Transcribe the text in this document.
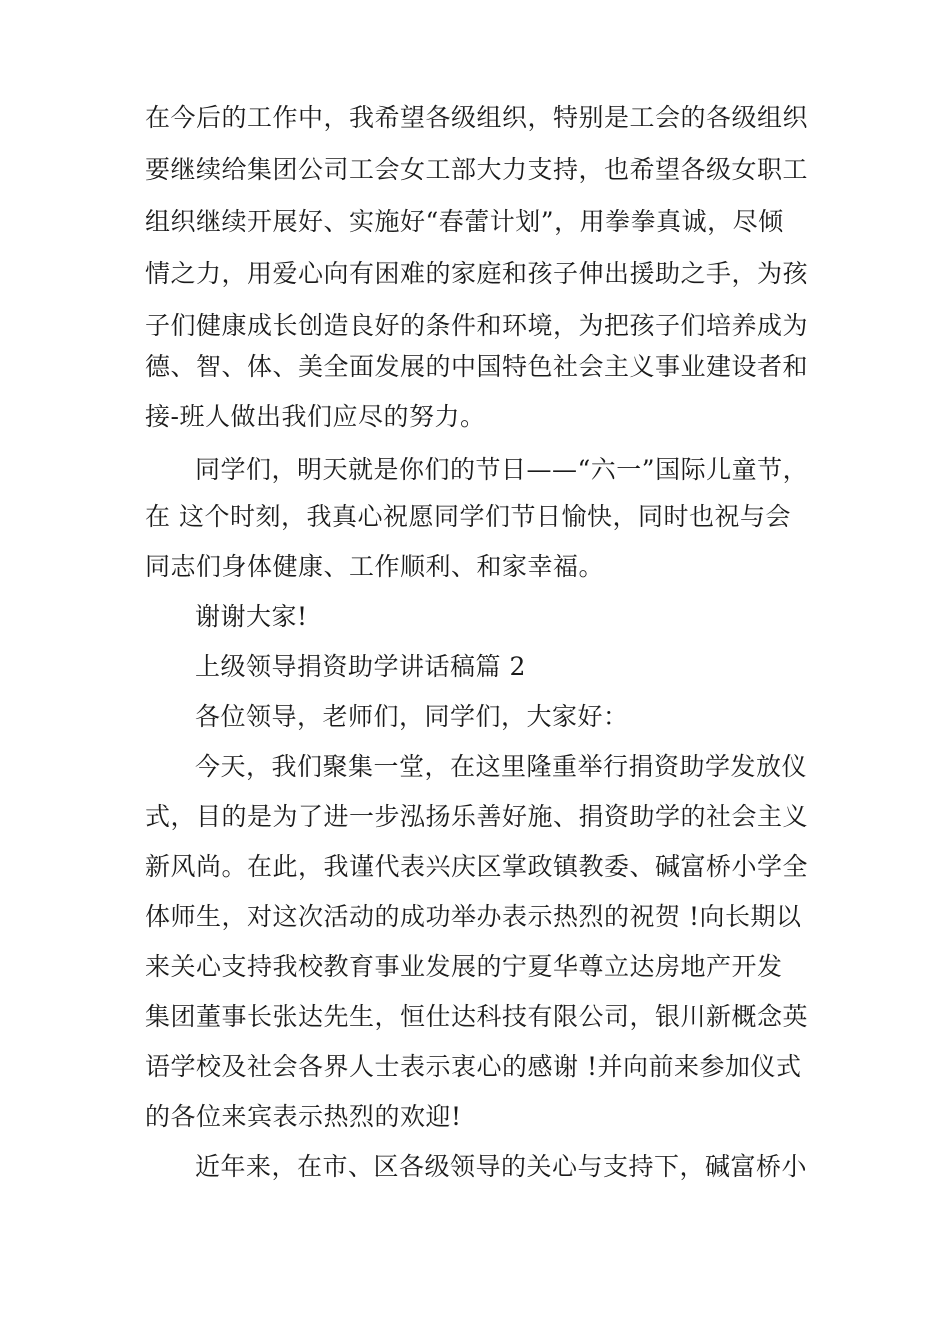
在今后的工作中，我希望各级组织，特别是工会的各级组织
要继续给集团公司工会女工部大力支持，也希望各级女职工
组织继续开展好、实施好“春蕾计划”，用拳拳真诚，尽倾
情之力，用爱心向有困难的家庭和孩子伸出援助之手，为孩
子们健康成长创造良好的条件和环境，为把孩子们培养成为
德、智、体、美全面发展的中国特色社会主义事业建设者和
接-班人做出我们应尽的努力。
同学们，明天就是你们的节日——“六一”国际儿童节，
在 这个时刻，我真心祝愿同学们节日愉快，同时也祝与会
同志们身体健康、工作顺利、和家幸福。
谢谢大家!
上级领导捐资助学讲话稿篇 2
各位领导，老师们，同学们，大家好：
今天，我们聚集一堂，在这里隆重举行捐资助学发放仪
式，目的是为了进一步泓扬乐善好施、捐资助学的社会主义
新风尚。在此，我谨代表兴庆区掌政镇教委、碱富桥小学全
体师生，对这次活动的成功举办表示热烈的祝贺 !向长期以
来关心支持我校教育事业发展的宁夏华尊立达房地产开发
集团董事长张达先生，恒仕达科技有限公司，银川新概念英
语学校及社会各界人士表示衷心的感谢 !并向前来参加仪式
的各位来宾表示热烈的欢迎!
近年来，在市、区各级领导的关心与支持下，碱富桥小
